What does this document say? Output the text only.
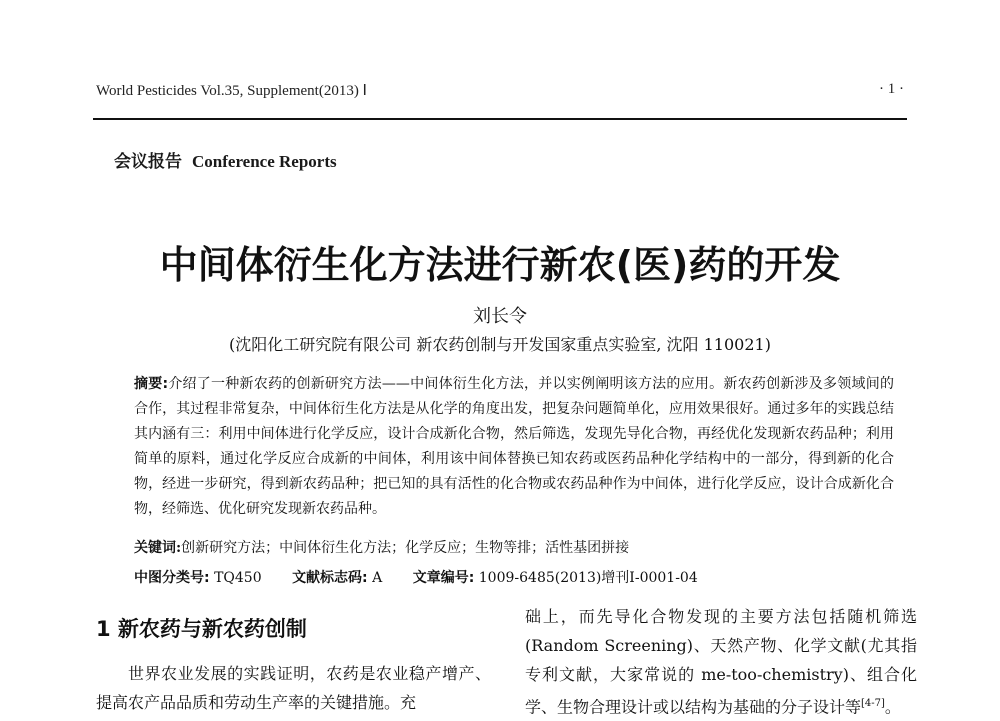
World Pesticides Vol.35, Supplement(2013) Ⅰ	· 1 ·
会议报告 Conference Reports
中间体衍生化方法进行新农(医)药的开发
刘长令
(沈阳化工研究院有限公司 新农药创制与开发国家重点实验室, 沈阳 110021)
摘要:介绍了一种新农药的创新研究方法——中间体衍生化方法，并以实例阐明该方法的应用。新农药创新涉及多领域间的合作，其过程非常复杂，中间体衍生化方法是从化学的角度出发，把复杂问题简单化，应用效果很好。通过多年的实践总结其内涵有三：利用中间体进行化学反应，设计合成新化合物，然后筛选，发现先导化合物，再经优化发现新农药品种；利用简单的原料，通过化学反应合成新的中间体，利用该中间体替换已知农药或医药品种化学结构中的一部分，得到新的化合物，经进一步研究，得到新农药品种；把已知的具有活性的化合物或农药品种作为中间体，进行化学反应，设计合成新化合物，经筛选、优化研究发现新农药品种。
关键词:创新研究方法；中间体衍生化方法；化学反应；生物等排；活性基团拼接
中图分类号: TQ450 文献标志码: A 文章编号: 1009-6485(2013)增刊Ⅰ-0001-04
1 新农药与新农药创制
世界农业发展的实践证明，农药是农业稳产增产、提高农产品品质和劳动生产率的关键措施。充
础上，而先导化合物发现的主要方法包括随机筛选(Random Screening)、天然产物、化学文献(尤其指专利文献，大家常说的 me-too-chemistry)、组合化学、生物合理设计或以结构为基础的分子设计等[4-7]。
